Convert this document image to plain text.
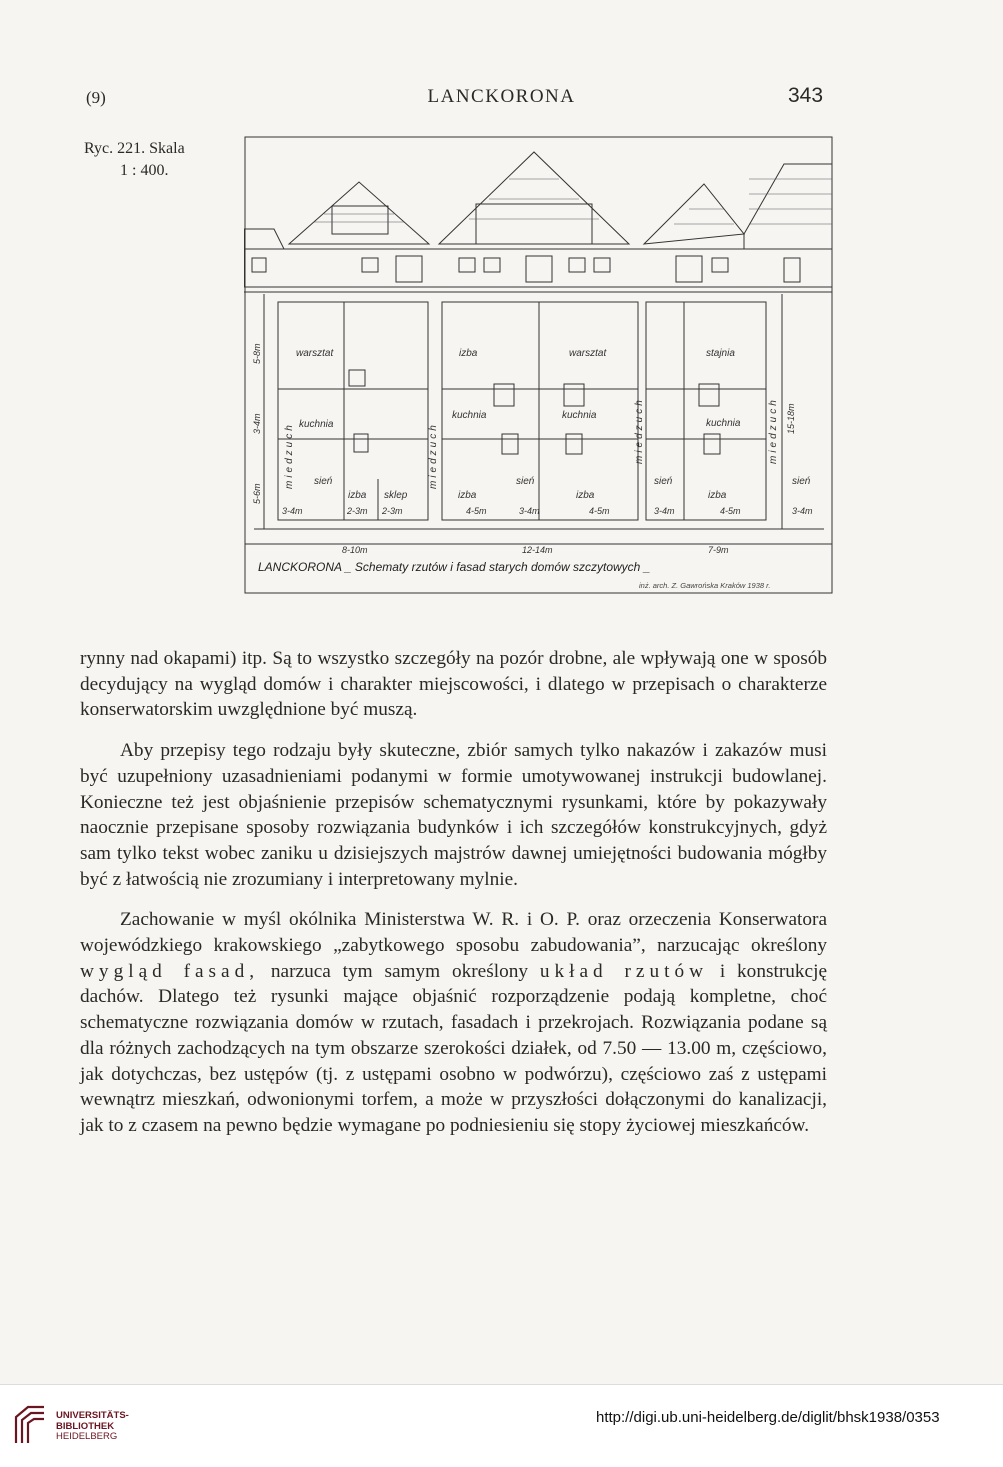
(9)	LANCKORONA	343
Ryc. 221. Skala
1 : 400.
warsztat	izba	warsztat	stajnia
kuchnia
kuchnia	kuchnia
kuchnia
sień	sień	sień	sień
izba sklep	izba	izba	izba
miedzuch	miedzuch	miedzuch	miedzuch
5-8m
3-4m
5-6m
15-18m
3-4m	2-3m 2-3m	4-5m	3-4m	4-5m	3-4m	4-5m	3-4m
8-10m	12-14m	7-9m
LANCKORONA _ Schematy rzutów i fasad starych domów szczytowych _
inż. arch. Z. Gawrońska Kraków 1938 r.

rynny nad okapami) itp. Są to wszystko szczegóły na pozór drobne, ale wpływają one w sposób decydujący na wygląd domów i charakter miejscowości, i dlatego w przepisach o charakterze konserwatorskim uwzględnione być muszą.

Aby przepisy tego rodzaju były skuteczne, zbiór samych tylko nakazów i zakazów musi być uzupełniony uzasadnieniami podanymi w formie umotywowanej instrukcji budowlanej. Konieczne też jest objaśnienie przepisów schematycznymi rysunkami, które by pokazywały naocznie przepisane sposoby rozwiązania budynków i ich szczegółów konstrukcyjnych, gdyż sam tylko tekst wobec zaniku u dzisiejszych majstrów dawnej umiejętności budowania mógłby być z łatwością nie zrozumiany i interpretowany mylnie.

Zachowanie w myśl okólnika Ministerstwa W. R. i O. P. oraz orzeczenia Konserwatora wojewódzkiego krakowskiego „zabytkowego sposobu zabudowania”, narzucając określony wygląd fasad, narzuca tym samym określony układ rzutów i konstrukcję dachów. Dlatego też rysunki mające objaśnić rozporządzenie podają kompletne, choć schematyczne rozwiązania domów w rzutach, fasadach i przekrojach. Rozwiązania podane są dla różnych zachodzących na tym obszarze szerokości działek, od 7.50 — 13.00 m, częściowo, jak dotychczas, bez ustępów (tj. z ustępami osobno w podwórzu), częściowo zaś z ustępami wewnątrz mieszkań, odwonionymi torfem, a może w przyszłości dołączonymi do kanalizacji, jak to z czasem na pewno będzie wymagane po podniesieniu się stopy życiowej mieszkańców.

UNIVERSITÄTS-
BIBLIOTHEK
HEIDELBERG
http://digi.ub.uni-heidelberg.de/diglit/bhsk1938/0353
